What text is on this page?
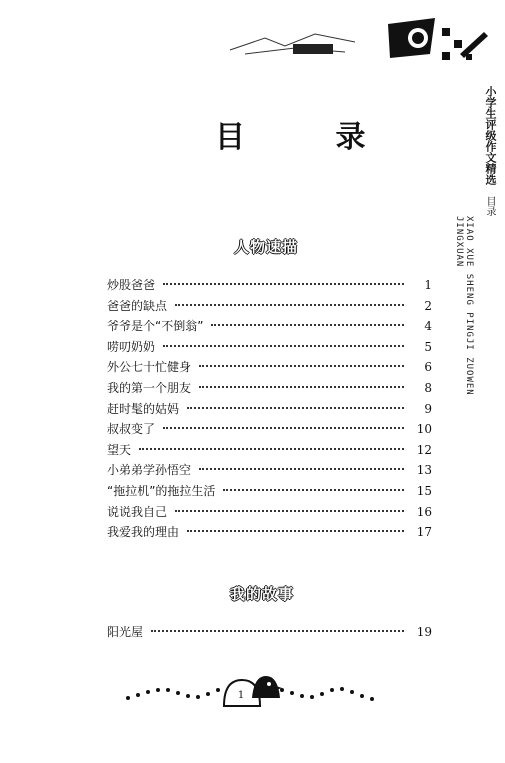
小学生评级作文精选
目录
XIAO XUE SHENG PINGJI ZUOWEN JINGXUAN
目 录
人物速描
炒股爸爸	1
爸爸的缺点	2
爷爷是个“不倒翁”	4
唠叨奶奶	5
外公七十忙健身	6
我的第一个朋友	8
赶时髦的姑妈	9
叔叔变了	10
望天	12
小弟弟学孙悟空	13
“拖拉机”的拖拉生活	15
说说我自己	16
我爱我的理由	17
我的故事
阳光屋	19
1
